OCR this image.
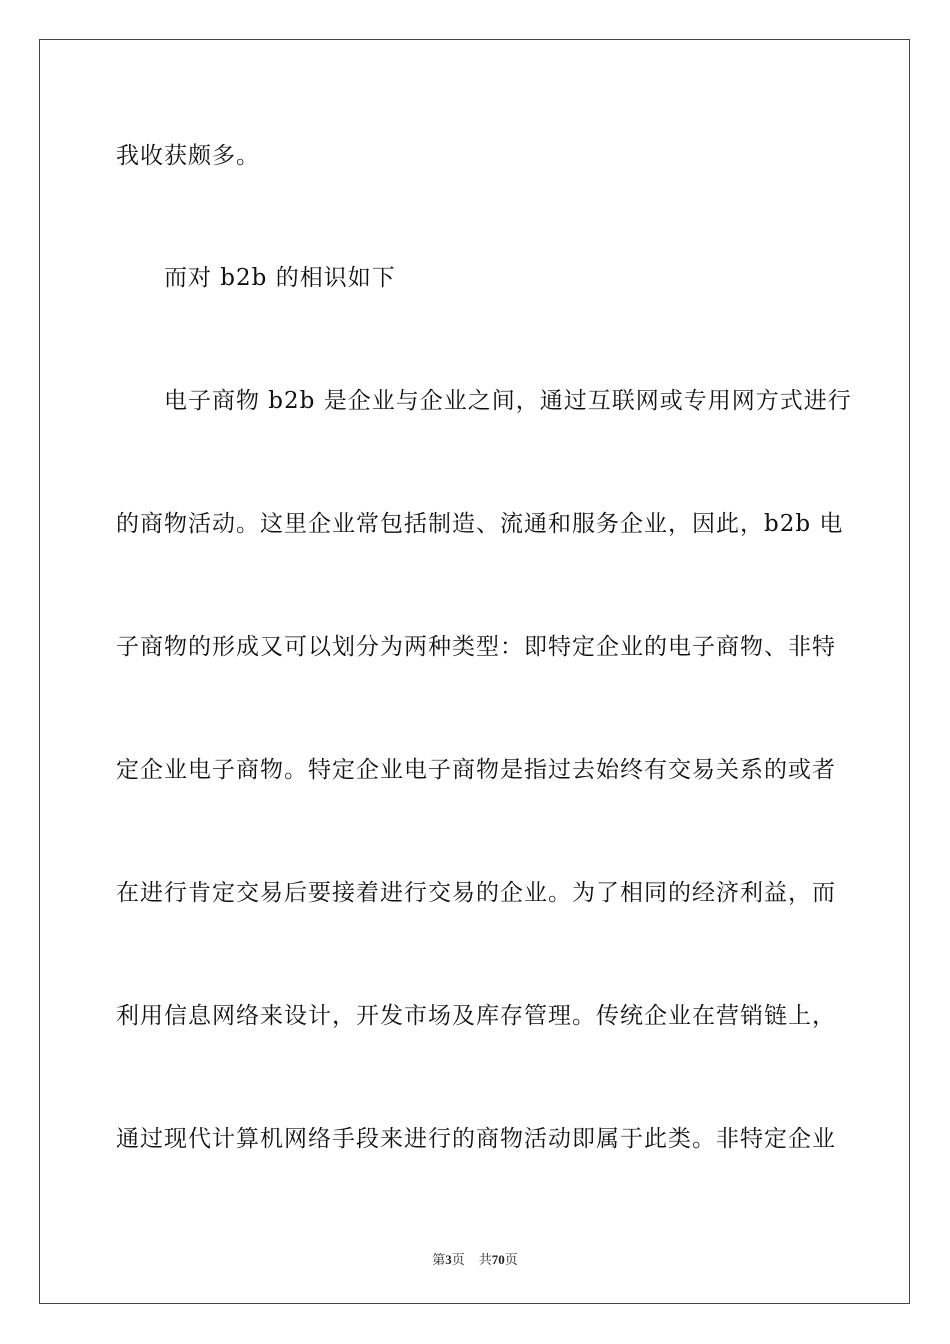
我收获颇多。
而对 b2b 的相识如下
电子商物 b2b 是企业与企业之间，通过互联网或专用网方式进行
的商物活动。这里企业常包括制造、流通和服务企业，因此，b2b 电
子商物的形成又可以划分为两种类型：即特定企业的电子商物、非特
定企业电子商物。特定企业电子商物是指过去始终有交易关系的或者
在进行肯定交易后要接着进行交易的企业。为了相同的经济利益，而
利用信息网络来设计，开发市场及库存管理。传统企业在营销链上，
通过现代计算机网络手段来进行的商物活动即属于此类。非特定企业
第3页 共70页
